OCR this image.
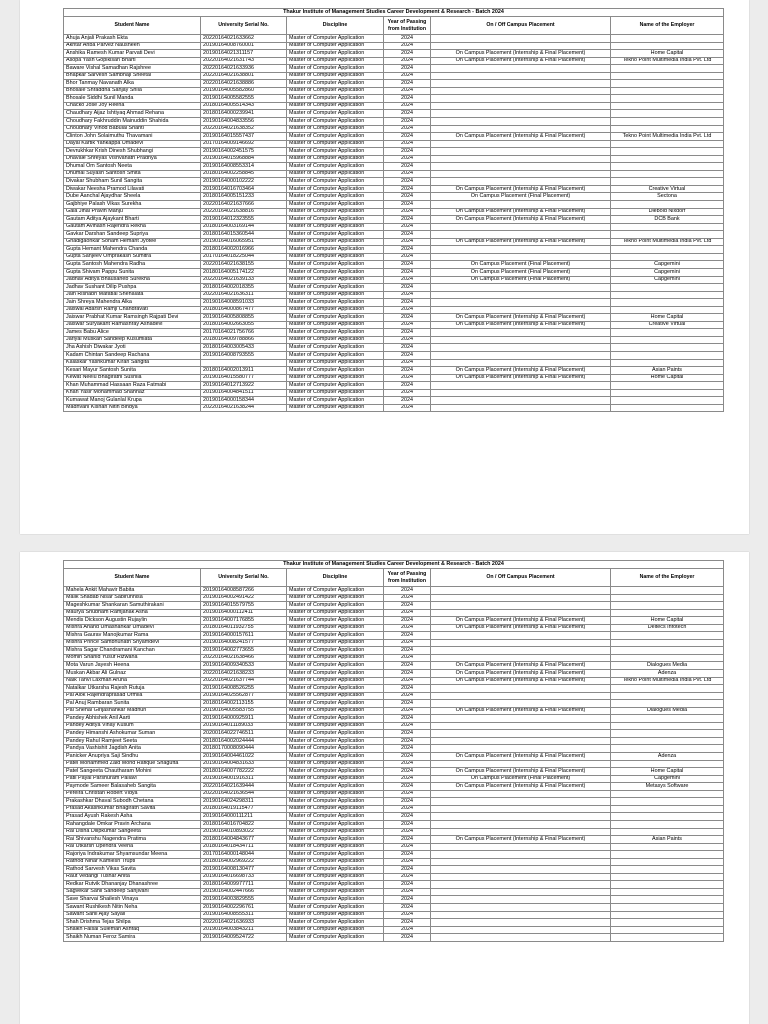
Thakur Institute of Management Studies Career Development & Research - Batch 2024					
Student Name	University Serial No.	Discipline	Year of Passing from Institution	On / Off Campus Placement	Name of the Employer
Ahuja Anjali Prakash Ekta	20220164021633662	Master of Computer Application	2024		
Akhtar Ariba Parvez Nausheen	20190164008760001	Master of Computer Application	2024		
Anshika Ramesh Kumar Parvati Devi	20190164021311157	Master of Computer Application	2024	On Campus Placement (Internship & Final Placement)	Home Capital
Asopa Yash Gopikisan Bharti	20220164021631743	Master of Computer Application	2024	On Campus Placement (Internship & Final Placement)	Tekno Point Multimedia India Pvt. Ltd
Baware Vishal Samadhan Rajshree	20220164021633936	Master of Computer Application	2024		
Bhapkar Sarvesh Sambhaji Sheetal	20220164021638801	Master of Computer Application	2024		
Bhor Tanmay Navanath Alka	20220164021638886	Master of Computer Application	2024		
Bhosale Shraddha Sanjay Shila	20190164005582860	Master of Computer Application	2024		
Bhosale Siddhi Sunil Manda	20190164005582555	Master of Computer Application	2024		
Chacko Jose Joy Reena	20180164005514343	Master of Computer Application	2024		
Chaudhary Aijaz Ishtiyaq Ahmad Rehana	20180164000239941	Master of Computer Application	2024		
Choudhary Fakhruddin Mainuddin Shahida	20190164004833556	Master of Computer Application	2024		
Choudhary Vinod Babulal Shanti	20220164021638352	Master of Computer Application	2024		
Clinton John Solaimuthu Thavamani	20190164015557437	Master of Computer Application	2024	On Campus Placement (Internship & Final Placement)	Tekno Point Multimedia India Pvt. Ltd
Dayal Kartik Yankappa Umadevi	20170164009146692	Master of Computer Application	2024		
Devrukhkar Krish Dinesh Shubhangi	20190164002451575	Master of Computer Application	2024		
Dhavale Shreyas Vishvanath Pradnya	20190164015968884	Master of Computer Application	2024		
Dhumal Om Santosh Neeta	20190164008553314	Master of Computer Application	2024		
Dhumal Suyash Santosh Smita	20180164002258845	Master of Computer Application	2024		
Divakar Shubham Sunil Sangita	20190164000102222	Master of Computer Application	2024		
Diwakar Neesha Pramod Lilavati	20190164016703464	Master of Computer Application	2024	On Campus Placement (Internship & Final Placement)	Creative Virtual
Dube Aanchal Ajaydhar Sheela	20180164005151233	Master of Computer Application	2024	On Campus Placement (Final Placement)	Sectona
Gajbhiye Palash Vikas Surekha	20220164021637666	Master of Computer Application	2024		
Gala Jinal Pravin Manju	20220164021638816	Master of Computer Application	2024	On Campus Placement (Internship & Final Placement)	Diebold Nixdorf
Gautam Aditya Ajaykant Bharti	20190164012323555	Master of Computer Application	2024	On Campus Placement (Internship & Final Placement)	DCB Bank
Gautam Avinash Rajendra Rekha	20180164003169144	Master of Computer Application	2024		
Gavkar Darshan Sandeep Supriya	20180164015360544	Master of Computer Application	2024		
Ghadigaonkar Soham Hemant Jyotee	20190164016065951	Master of Computer Application	2024	On Campus Placement (Internship & Final Placement)	Tekno Point Multimedia India Pvt. Ltd
Gupta Hemant Mahendra Chanda	20180164002016966	Master of Computer Application	2024		
Gupta Sanjeev Omprakash Sumitra	20170164018225044	Master of Computer Application	2024		
Gupta Santosh Mahendra Radha	20220164021638155	Master of Computer Application	2024	On Campus Placement (Final Placement)	Capgemini
Gupta Shivam Pappu Sunita	20180164005174122	Master of Computer Application	2024	On Campus Placement (Final Placement)	Capgemini
Jadhav Aditya Bhausaheb Surekha	20220164021639133	Master of Computer Application	2024	On Campus Placement (Final Placement)	Capgemini
Jadhav Sushant Dilip Pushpa	20180164002018355	Master of Computer Application	2024		
Jain Rishabh Mafatlal Snehalata	20220164021636311	Master of Computer Application	2024		
Jain Shreya Mahendra Alka	20190164008591033	Master of Computer Application	2024		
Jaiswal Adarsh Ramji Chandravati	20180164000867477	Master of Computer Application	2024		
Jaiswar Prabhat Kumar Ramsingh Rajpati Devi	20190164005808855	Master of Computer Application	2024	On Campus Placement (Internship & Final Placement)	Home Capital
Jaiswar Suryakant Ramashray Ashadevi	20180164002663055	Master of Computer Application	2024	On Campus Placement (Internship & Final Placement)	Creative Virtual
James Babu Alice	20170164021756766	Master of Computer Application	2024		
Jariyal Muskan Sandeep Kusumlata	20180164009788866	Master of Computer Application	2024		
Jha Ashish Diwakar Jyoti	20180164003005433	Master of Computer Application	2024		
Kadam Chintan Sandeep Rachana	20190164008793555	Master of Computer Application	2024		
Kalaskar Yashkumar Kiran Sangita		Master of Computer Application	2024		
Kesari Mayur Santosh Sunita	20180164002013911	Master of Computer Application	2024	On Campus Placement (Internship & Final Placement)	Asian Paints
Kewat Neelu Bhagirathi Sushila	20190164015580777	Master of Computer Application	2024	On Campus Placement (Internship & Final Placement)	Home Capital
Khan Muhammad Hassaan Raza Fatmabi	20190164012713922	Master of Computer Application	2024		
Khan Yasir Mohammad Shahnaz	20190164004841511	Master of Computer Application	2024		
Kumawat Manoj Gulanlal Krupa	20190164000158344	Master of Computer Application	2024		
Madhvani Kishan Nitin Bindya	20220164021638244	Master of Computer Application	2024		
Thakur Institute of Management Studies Career Development & Research - Batch 2024					
Student Name	University Serial No.	Discipline	Year of Passing from Institution	On / Off Campus Placement	Name of the Employer
Mahela Ankit Mahavir Babita	20190164008587266	Master of Computer Application	2024		
Malik Shadab Nisar Sabirunnisa	20190164002491422	Master of Computer Application	2024		
Mageshkumar Shankaran Samuthirakani	20190164015579755	Master of Computer Application	2024		
Maurya Shubham Ramjanak Asha	20190164000112411	Master of Computer Application	2024		
Mendis Dickson Augustin Rujaylin	20190164007176855	Master of Computer Application	2024	On Campus Placement (Internship & Final Placement)	Home Capital
Mishra Anand Umashankar Umadevi	20180164011932755	Master of Computer Application	2024	On Campus Placement (Internship & Final Placement)	Deltecs Infotech
Mishra Gaurav Manojkumar Rama	20190164000157611	Master of Computer Application	2024		
Mishra Prince Sambhunath Shyamdevi	20190164008241577	Master of Computer Application	2024		
Mishra Sagar Chandramani Kanchan	20190164002773655	Master of Computer Application	2024		
Momin Shahid Yusuf Rizwana	20220164021638466	Master of Computer Application	2024		
Mota Varun Jayesh Heena	20190164009340533	Master of Computer Application	2024	On Campus Placement (Internship & Final Placement)	Dialogues Media
Muskan Akbar Ali Gulnaz	20220164021638233	Master of Computer Application	2024	On Campus Placement (Internship & Final Placement)	Adenza
Naik Tanvi Laxman Aruna	20220164021637744	Master of Computer Application	2024	On Campus Placement (Internship & Final Placement)	Tekno Point Multimedia India Pvt. Ltd
Natalkar Utkarsha Rajesh Rutuja	20190164008526255	Master of Computer Application	2024		
Pal Alok Rajendraprasad Urmila	20190164025562877	Master of Computer Application	2024		
Pal Anuj Rambaran Sunita	20180164002113155	Master of Computer Application	2024		
Pal Snehal Girijashankar Madhuri	20190164005583755	Master of Computer Application	2024	On Campus Placement (Internship & Final Placement)	Dialogues Media
Pandey Abhishek Anil Aarti	20190164000925911	Master of Computer Application	2024		
Pandey Aditya Vinay Kusum	20190164011189033	Master of Computer Application	2024		
Pandey Himanshi Ashokumar Suman	20200164022746511	Master of Computer Application	2024		
Pandey Rahul Ramjeet Seeta	20180164002024444	Master of Computer Application	2024		
Pandya Vashishit Jagdish Anita	20180170008090444	Master of Computer Application	2024		
Panicker Anupriya Saji Sindhu	20190164004461022	Master of Computer Application	2024	On Campus Placement (Internship & Final Placement)	Adenza
Patel Mohammed Zaid Mohd Rafique Shagufta	20190164004831633	Master of Computer Application	2024		
Patel Sangeeta Chautharam Mohini	20180164007782222	Master of Computer Application	2024	On Campus Placement (Internship & Final Placement)	Home Capital
Patil Payal Parshuram Pallavi	20190164001916311	Master of Computer Application	2024	On Campus Placement (Final Placement)	Capgemini
Paymode Sameer Balasaheb Sangita	20220164021639444	Master of Computer Application	2024	On Campus Placement (Internship & Final Placement)	Metasys Software
Pereira Christan Robert Vidya	20220164021636544	Master of Computer Application	2024		
Prakashkar Dhaval Subodh Chetana	20190164024298311	Master of Computer Application	2024		
Prasad Akashkumar Bhagirath Savita	20180164019115477	Master of Computer Application	2024		
Prasad Ayush Rakesh Asha	20190164000111211	Master of Computer Application	2024		
Rahangdale Omkar Pravin Archana	20180164016704822	Master of Computer Application	2024		
Rai Disha Dilipkumar Sangeeta	20190164010893022	Master of Computer Application	2024		
Rai Shivanshu Nagendra Pratima	20180164004843677	Master of Computer Application	2024	On Campus Placement (Internship & Final Placement)	Asian Paints
Rai Utkarsh Upendra Veena	20180164018434711	Master of Computer Application	2024		
Rajoriya Indrakumar Shyamsundar Meena	20170164000148044	Master of Computer Application	2024		
Rathod Nihar Kamlesh Trupti	20180164002969222	Master of Computer Application	2024		
Rathod Sarvesh Vikas Savita	20190164008130477	Master of Computer Application	2024		
Raut Vedangi Tushar Anita	20190164016698733	Master of Computer Application	2024		
Redkar Rutvik Dhananjay Dhanashree	20180164009977711	Master of Computer Application	2024		
Sagvekar Sahil Sandeep Sanjivani	20190164002447666	Master of Computer Application	2024		
Save Sharvai Shailesh Vinaya	20190164003829555	Master of Computer Application	2024		
Sawant Rushikesh Nitin Neha	20190164002296761	Master of Computer Application	2024		
Sawant Sahil Ajay Sayali	20190164008555311	Master of Computer Application	2024		
Shah Drishma Tejas Shilpa	20220164021636933	Master of Computer Application	2024		
Shaikh Faisal Suleman Ashfaq	20190164003843211	Master of Computer Application	2024		
Shaikh Numan Feroz Samira	20190164009524722	Master of Computer Application	2024		
